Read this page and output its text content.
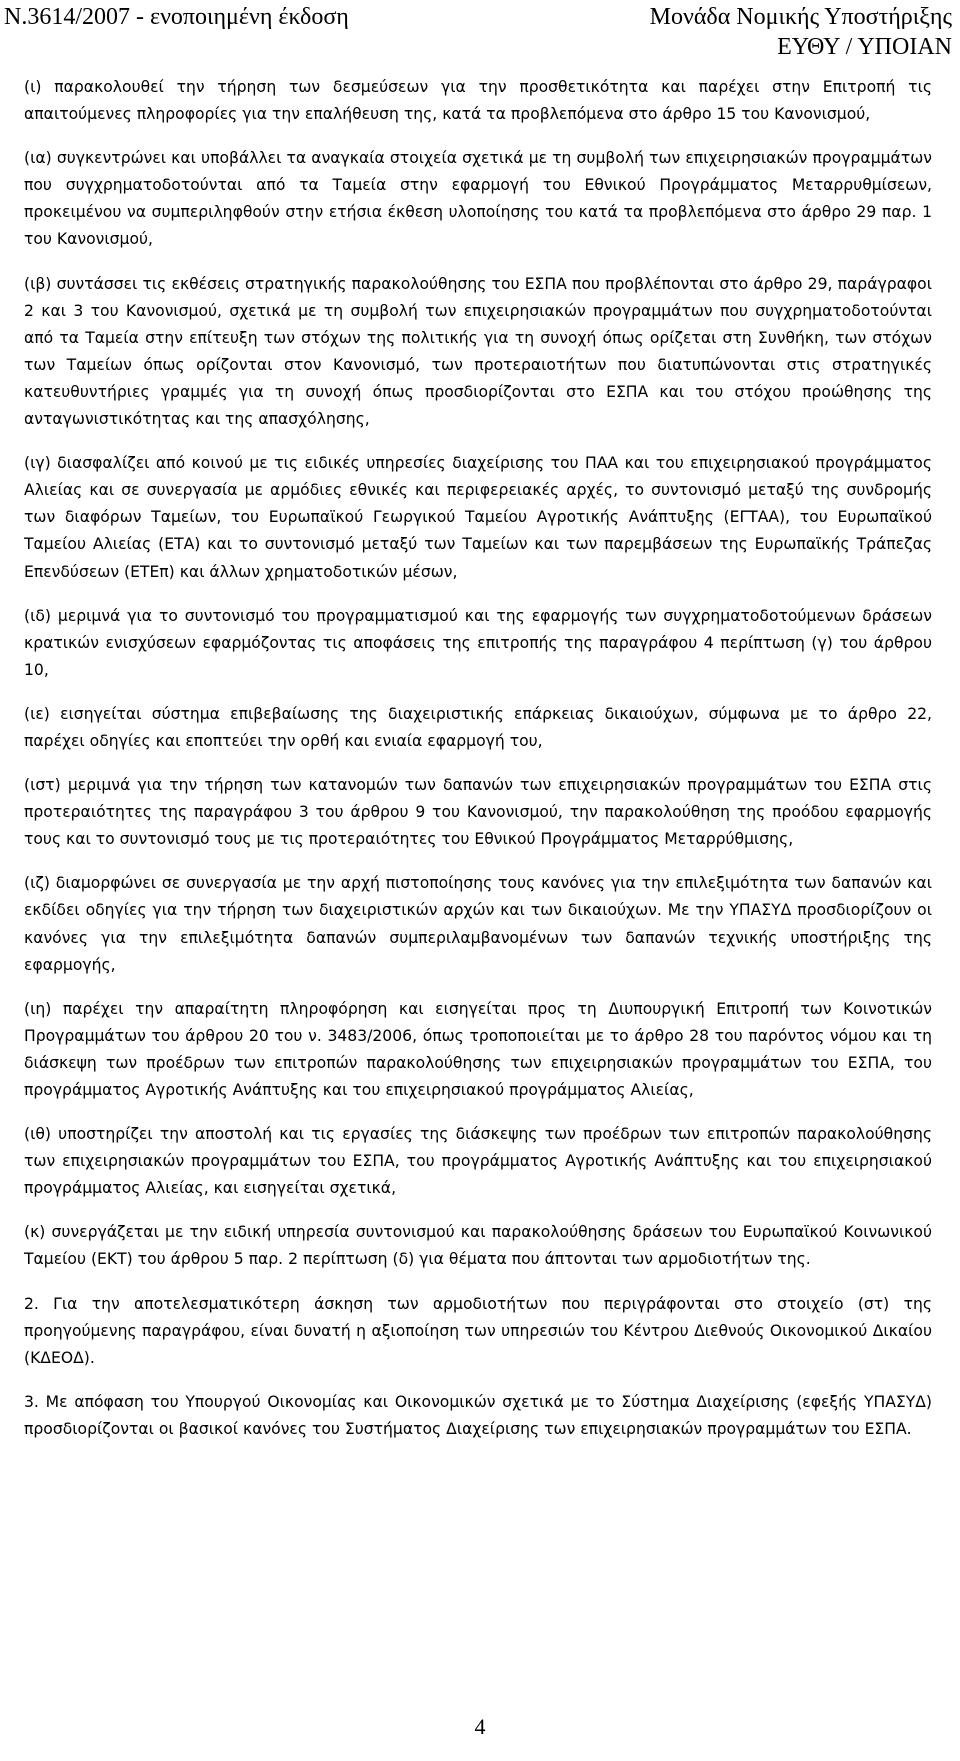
Ν.3614/2007 - ενοποιημένη έκδοση	Μονάδα Νομικής Υποστήριξης
ΕΥΘΥ / ΥΠΟΙΑΝ

(ι) παρακολουθεί την τήρηση των δεσμεύσεων για την προσθετικότητα και παρέχει στην Επιτροπή τις απαιτούμενες πληροφορίες για την επαλήθευση της, κατά τα προβλεπόμενα στο άρθρο 15 του Κανονισμού,

(ια) συγκεντρώνει και υποβάλλει τα αναγκαία στοιχεία σχετικά με τη συμβολή των επιχειρησιακών προγραμμάτων που συγχρηματοδοτούνται από τα Ταμεία στην εφαρμογή του Εθνικού Προγράμματος Μεταρρυθμίσεων, προκειμένου να συμπεριληφθούν στην ετήσια έκθεση υλοποίησης του κατά τα προβλεπόμενα στο άρθρο 29 παρ. 1 του Κανονισμού,

(ιβ) συντάσσει τις εκθέσεις στρατηγικής παρακολούθησης του ΕΣΠΑ που προβλέπονται στο άρθρο 29, παράγραφοι 2 και 3 του Κανονισμού, σχετικά με τη συμβολή των επιχειρησιακών προγραμμάτων που συγχρηματοδοτούνται από τα Ταμεία στην επίτευξη των στόχων της πολιτικής για τη συνοχή όπως ορίζεται στη Συνθήκη, των στόχων των Ταμείων όπως ορίζονται στον Κανονισμό, των προτεραιοτήτων που διατυπώνονται στις στρατηγικές κατευθυντήριες γραμμές για τη συνοχή όπως προσδιορίζονται στο ΕΣΠΑ και του στόχου προώθησης της ανταγωνιστικότητας και της απασχόλησης,

(ιγ) διασφαλίζει από κοινού με τις ειδικές υπηρεσίες διαχείρισης του ΠΑΑ και του επιχειρησιακού προγράμματος Αλιείας και σε συνεργασία με αρμόδιες εθνικές και περιφερειακές αρχές, το συντονισμό μεταξύ της συνδρομής των διαφόρων Ταμείων, του Ευρωπαϊκού Γεωργικού Ταμείου Αγροτικής Ανάπτυξης (ΕΓΤΑΑ), του Ευρωπαϊκού Ταμείου Αλιείας (ΕΤΑ) και το συντονισμό μεταξύ των Ταμείων και των παρεμβάσεων της Ευρωπαϊκής Τράπεζας Επενδύσεων (ΕΤΕπ) και άλλων χρηματοδοτικών μέσων,

(ιδ) μεριμνά για το συντονισμό του προγραμματισμού και της εφαρμογής των συγχρηματοδοτούμενων δράσεων κρατικών ενισχύσεων εφαρμόζοντας τις αποφάσεις της επιτροπής της παραγράφου 4 περίπτωση (γ) του άρθρου 10,

(ιε) εισηγείται σύστημα επιβεβαίωσης της διαχειριστικής επάρκειας δικαιούχων, σύμφωνα με το άρθρο 22, παρέχει οδηγίες και εποπτεύει την ορθή και ενιαία εφαρμογή του,

(ιστ) μεριμνά για την τήρηση των κατανομών των δαπανών των επιχειρησιακών προγραμμάτων του ΕΣΠΑ στις προτεραιότητες της παραγράφου 3 του άρθρου 9 του Κανονισμού, την παρακολούθηση της προόδου εφαρμογής τους και το συντονισμό τους με τις προτεραιότητες του Εθνικού Προγράμματος Μεταρρύθμισης,

(ιζ) διαμορφώνει σε συνεργασία με την αρχή πιστοποίησης τους κανόνες για την επιλεξιμότητα των δαπανών και εκδίδει οδηγίες για την τήρηση των διαχειριστικών αρχών και των δικαιούχων. Με την ΥΠΑΣΥΔ προσδιορίζουν οι κανόνες για την επιλεξιμότητα δαπανών συμπεριλαμβανομένων των δαπανών τεχνικής υποστήριξης της εφαρμογής,

(ιη) παρέχει την απαραίτητη πληροφόρηση και εισηγείται προς τη Διυπουργική Επιτροπή των Κοινοτικών Προγραμμάτων του άρθρου 20 του ν. 3483/2006, όπως τροποποιείται με το άρθρο 28 του παρόντος νόμου και τη διάσκεψη των προέδρων των επιτροπών παρακολούθησης των επιχειρησιακών προγραμμάτων του ΕΣΠΑ, του προγράμματος Αγροτικής Ανάπτυξης και του επιχειρησιακού προγράμματος Αλιείας,

(ιθ) υποστηρίζει την αποστολή και τις εργασίες της διάσκεψης των προέδρων των επιτροπών παρακολούθησης των επιχειρησιακών προγραμμάτων του ΕΣΠΑ, του προγράμματος Αγροτικής Ανάπτυξης και του επιχειρησιακού προγράμματος Αλιείας, και εισηγείται σχετικά,

(κ) συνεργάζεται με την ειδική υπηρεσία συντονισμού και παρακολούθησης δράσεων του Ευρωπαϊκού Κοινωνικού Ταμείου (ΕΚΤ) του άρθρου 5 παρ. 2 περίπτωση (δ) για θέματα που άπτονται των αρμοδιοτήτων της.

2. Για την αποτελεσματικότερη άσκηση των αρμοδιοτήτων που περιγράφονται στο στοιχείο (στ) της προηγούμενης παραγράφου, είναι δυνατή η αξιοποίηση των υπηρεσιών του Κέντρου Διεθνούς Οικονομικού Δικαίου (ΚΔΕΟΔ).

3. Με απόφαση του Υπουργού Οικονομίας και Οικονομικών σχετικά με το Σύστημα Διαχείρισης (εφεξής ΥΠΑΣΥΔ) προσδιορίζονται οι βασικοί κανόνες του Συστήματος Διαχείρισης των επιχειρησιακών προγραμμάτων του ΕΣΠΑ.

4
